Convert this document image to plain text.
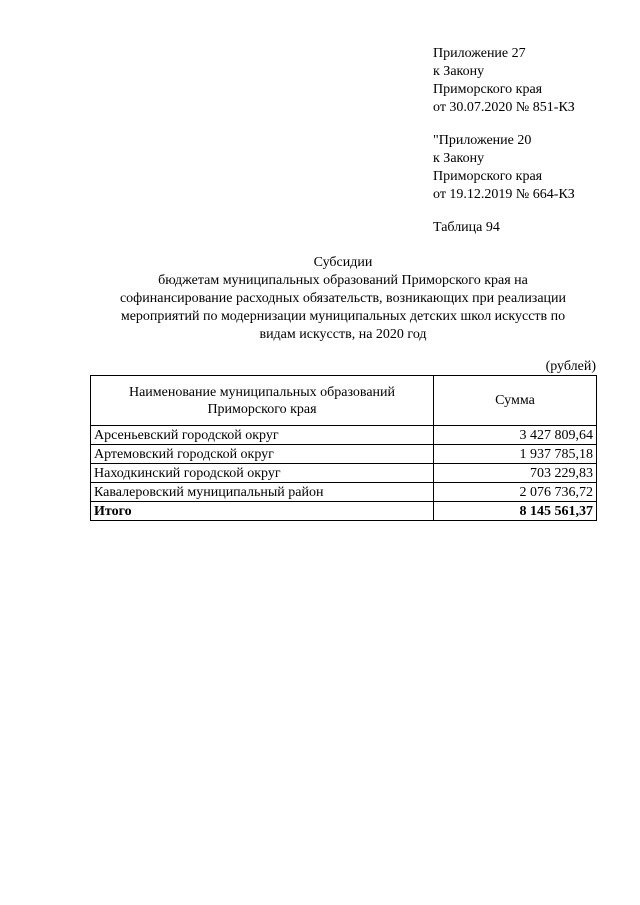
Приложение 27
к Закону
Приморского края
от 30.07.2020 № 851-КЗ
"Приложение 20
к Закону
Приморского края
от 19.12.2019 № 664-КЗ
Таблица 94
Субсидии
бюджетам муниципальных образований Приморского края на
софинансирование расходных обязательств, возникающих при реализации
мероприятий по модернизации муниципальных детских школ искусств по
видам искусств, на 2020 год
(рублей)
Наименование муниципальных образований
Приморского края	Сумма
Арсеньевский городской округ	3 427 809,64
Артемовский городской округ	1 937 785,18
Находкинский городской округ	703 229,83
Кавалеровский муниципальный район	2 076 736,72
Итого	8 145 561,37
